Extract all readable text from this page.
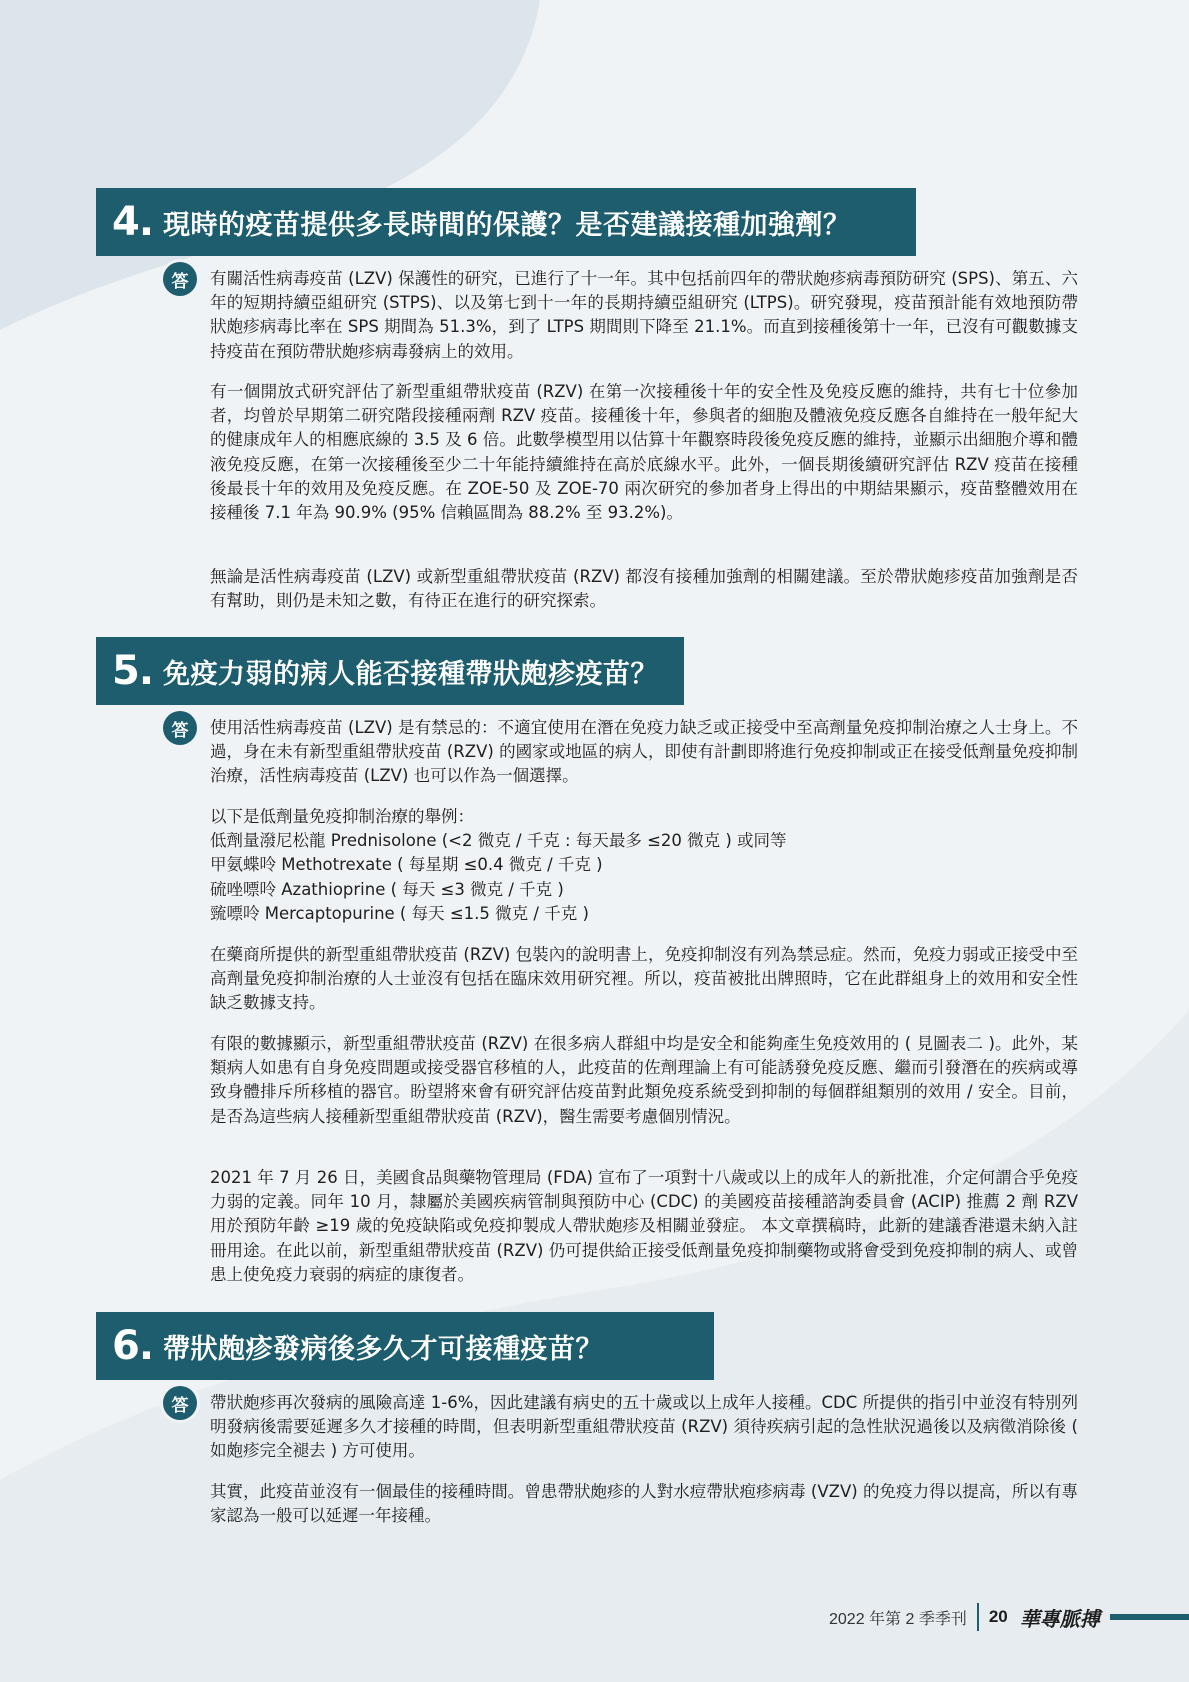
4. 現時的疫苗提供多長時間的保護？是否建議接種加強劑？
答	有關活性病毒疫苗 (LZV) 保護性的研究，已進行了十一年。其中包括前四年的帶狀皰疹病毒預防研究 (SPS)、第五、六年的短期持續亞組研究 (STPS)、以及第七到十一年的長期持續亞組研究 (LTPS)。研究發現，疫苗預計能有效地預防帶狀皰疹病毒比率在 SPS 期間為 51.3%，到了 LTPS 期間則下降至 21.1%。而直到接種後第十一年，已沒有可觀數據支持疫苗在預防帶狀皰疹病毒發病上的效用。
有一個開放式研究評估了新型重組帶狀疫苗 (RZV) 在第一次接種後十年的安全性及免疫反應的維持，共有七十位參加者，均曾於早期第二研究階段接種兩劑 RZV 疫苗。接種後十年，參與者的細胞及體液免疫反應各自維持在一般年紀大的健康成年人的相應底線的 3.5 及 6 倍。此數學模型用以估算十年觀察時段後免疫反應的維持，並顯示出細胞介導和體液免疫反應，在第一次接種後至少二十年能持續維持在高於底線水平。此外，一個長期後續研究評估 RZV 疫苗在接種後最長十年的效用及免疫反應。在 ZOE-50 及 ZOE-70 兩次研究的參加者身上得出的中期結果顯示，疫苗整體效用在接種後 7.1 年為 90.9% (95% 信賴區間為 88.2% 至 93.2%)。
無論是活性病毒疫苗 (LZV) 或新型重組帶狀疫苗 (RZV) 都沒有接種加強劑的相關建議。至於帶狀皰疹疫苗加強劑是否有幫助，則仍是未知之數，有待正在進行的研究探索。
5. 免疫力弱的病人能否接種帶狀皰疹疫苗？
答	使用活性病毒疫苗 (LZV) 是有禁忌的：不適宜使用在潛在免疫力缺乏或正接受中至高劑量免疫抑制治療之人士身上。不過，身在未有新型重組帶狀疫苗 (RZV) 的國家或地區的病人，即使有計劃即將進行免疫抑制或正在接受低劑量免疫抑制治療，活性病毒疫苗 (LZV) 也可以作為一個選擇。
以下是低劑量免疫抑制治療的舉例：
低劑量潑尼松龍 Prednisolone (<2 微克 / 千克 : 每天最多 ≤20 微克 ) 或同等
甲氨蝶呤 Methotrexate ( 每星期 ≤0.4 微克 / 千克 )
硫唑嘌呤 Azathioprine ( 每天 ≤3 微克 / 千克 )
巰嘌呤 Mercaptopurine ( 每天 ≤1.5 微克 / 千克 )
在藥商所提供的新型重組帶狀疫苗 (RZV) 包裝內的說明書上，免疫抑制沒有列為禁忌症。然而，免疫力弱或正接受中至高劑量免疫抑制治療的人士並沒有包括在臨床效用研究裡。所以，疫苗被批出牌照時，它在此群組身上的效用和安全性缺乏數據支持。
有限的數據顯示，新型重組帶狀疫苗 (RZV) 在很多病人群組中均是安全和能夠產生免疫效用的 ( 見圖表二 )。此外，某類病人如患有自身免疫問題或接受器官移植的人，此疫苗的佐劑理論上有可能誘發免疫反應、繼而引發潛在的疾病或導致身體排斥所移植的器官。盼望將來會有研究評估疫苗對此類免疫系統受到抑制的每個群組類別的效用 / 安全。目前，是否為這些病人接種新型重組帶狀疫苗 (RZV)，醫生需要考慮個別情況。
2021 年 7 月 26 日，美國食品與藥物管理局 (FDA) 宣布了一項對十八歲或以上的成年人的新批准，介定何謂合乎免疫力弱的定義。同年 10 月，隸屬於美國疾病管制與預防中心 (CDC) 的美國疫苗接種諮詢委員會 (ACIP) 推薦 2 劑 RZV 用於預防年齡 ≥19 歲的免疫缺陷或免疫抑製成人帶狀皰疹及相關並發症。 本文章撰稿時，此新的建議香港還未納入註冊用途。在此以前，新型重組帶狀疫苗 (RZV) 仍可提供給正接受低劑量免疫抑制藥物或將會受到免疫抑制的病人、或曾患上使免疫力衰弱的病症的康復者。
6. 帶狀皰疹發病後多久才可接種疫苗？
答	帶狀皰疹再次發病的風險高達 1-6%，因此建議有病史的五十歲或以上成年人接種。CDC 所提供的指引中並沒有特別列明發病後需要延遲多久才接種的時間，但表明新型重組帶狀疫苗 (RZV) 須待疾病引起的急性狀況過後以及病徵消除後 ( 如皰疹完全褪去 ) 方可使用。
其實，此疫苗並沒有一個最佳的接種時間。曾患帶狀皰疹的人對水痘帶狀疱疹病毒 (VZV) 的免疫力得以提高，所以有專家認為一般可以延遲一年接種。
2022 年第 2 季季刊 20 華專脈搏
